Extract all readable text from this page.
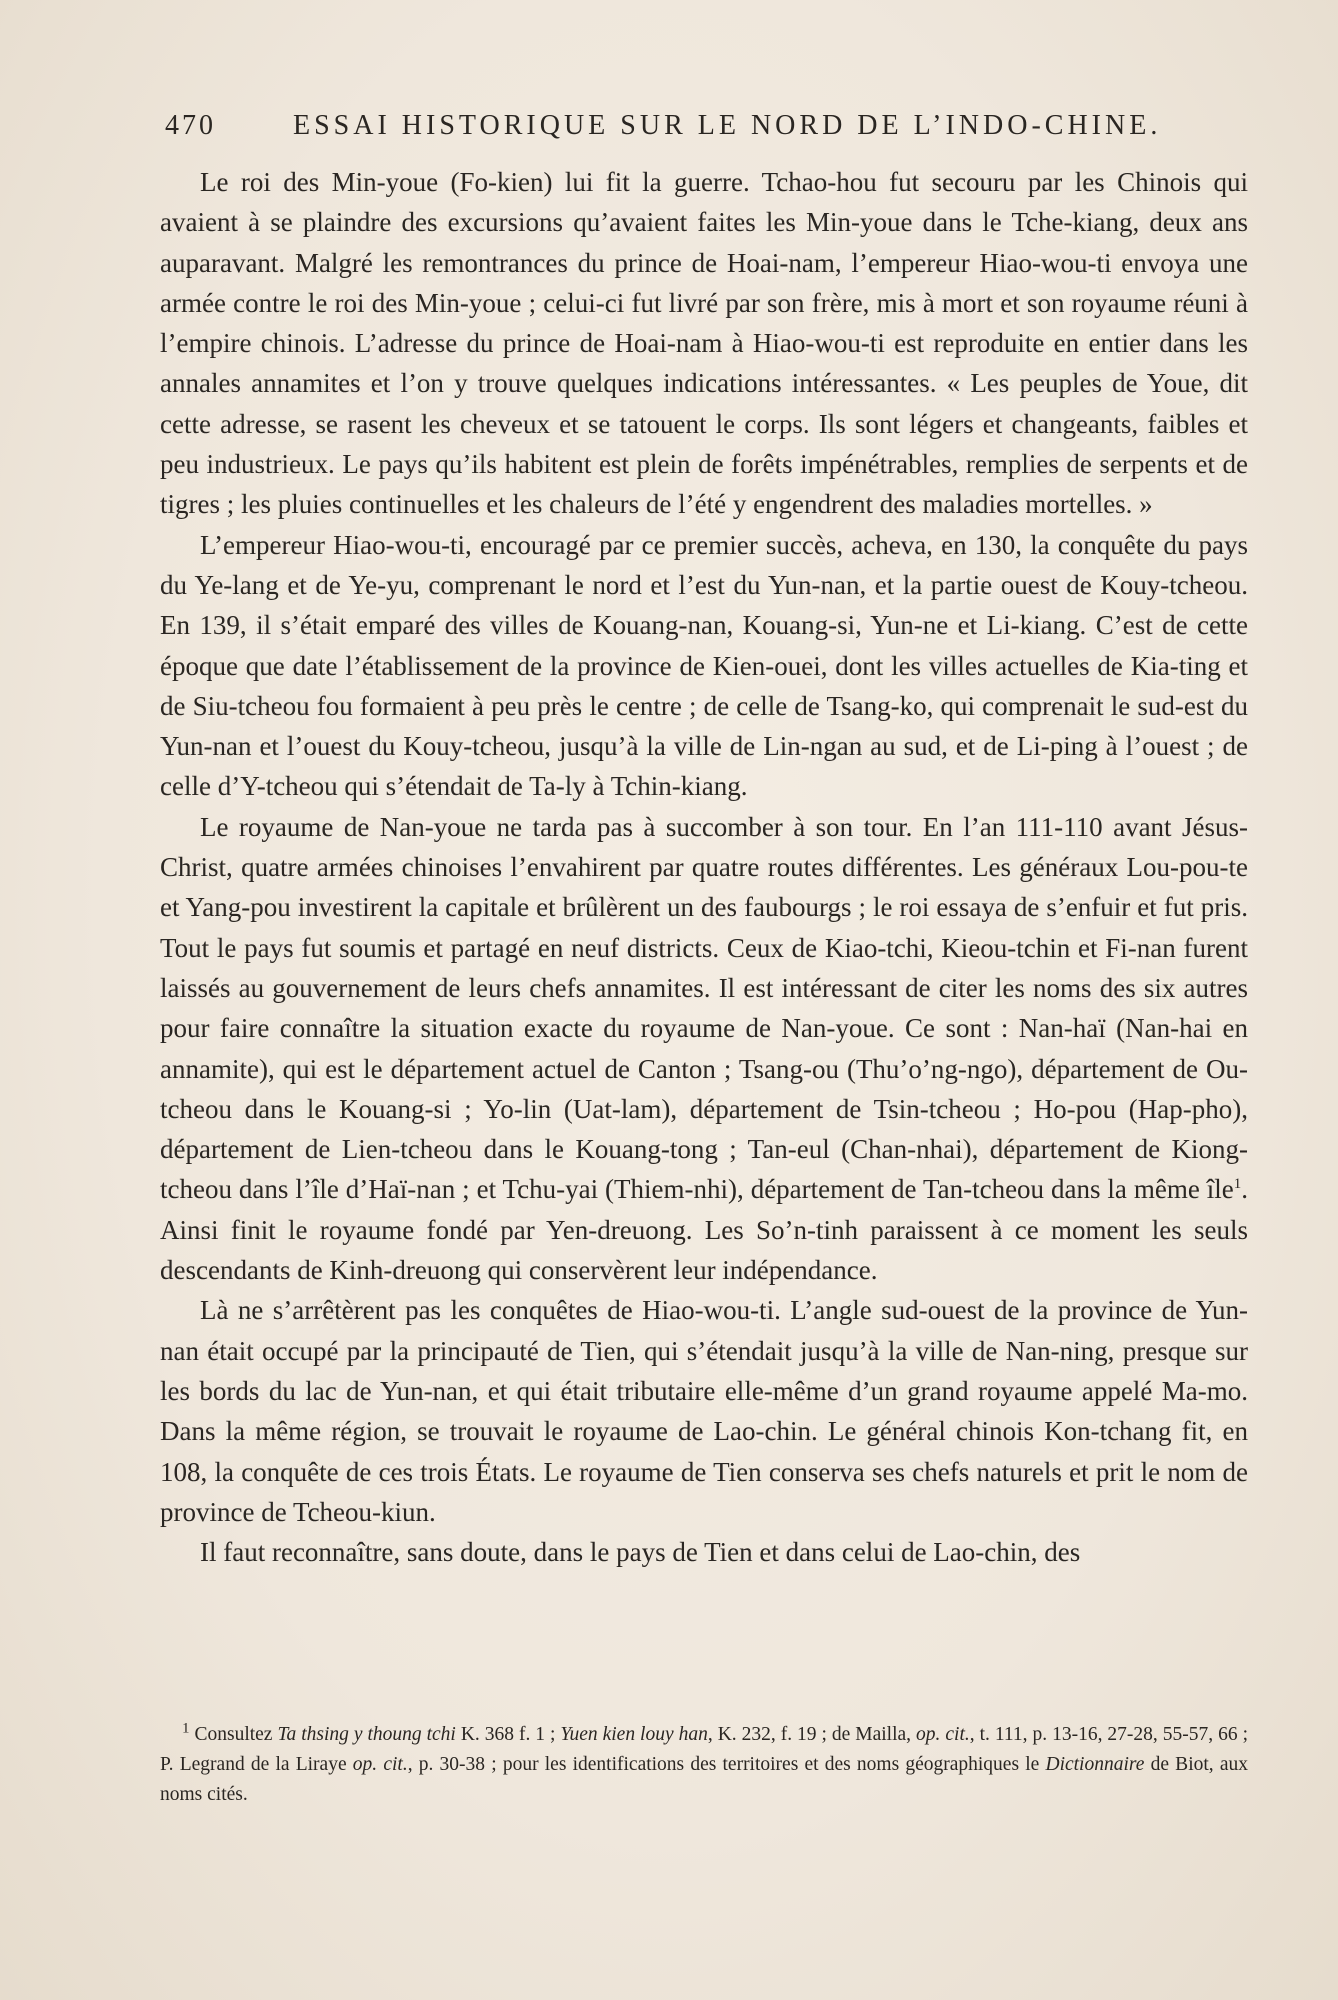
470	ESSAI HISTORIQUE SUR LE NORD DE L’INDO-CHINE.

Le roi des Min-youe (Fo-kien) lui fit la guerre. Tchao-hou fut secouru par les Chinois qui avaient à se plaindre des excursions qu’avaient faites les Min-youe dans le Tche-kiang, deux ans auparavant. Malgré les remontrances du prince de Hoai-nam, l’empereur Hiao-wou-ti envoya une armée contre le roi des Min-youe ; celui-ci fut livré par son frère, mis à mort et son royaume réuni à l’empire chinois. L’adresse du prince de Hoai-nam à Hiao-wou-ti est reproduite en entier dans les annales annamites et l’on y trouve quelques indications intéressantes. « Les peuples de Youe, dit cette adresse, se rasent les cheveux et se tatouent le corps. Ils sont légers et changeants, faibles et peu industrieux. Le pays qu’ils habitent est plein de forêts impénétrables, remplies de serpents et de tigres ; les pluies continuelles et les chaleurs de l’été y engendrent des maladies mortelles. »

L’empereur Hiao-wou-ti, encouragé par ce premier succès, acheva, en 130, la conquête du pays du Ye-lang et de Ye-yu, comprenant le nord et l’est du Yun-nan, et la partie ouest de Kouy-tcheou. En 139, il s’était emparé des villes de Kouang-nan, Kouang-si, Yun-ne et Li-kiang. C’est de cette époque que date l’établissement de la province de Kien-ouei, dont les villes actuelles de Kia-ting et de Siu-tcheou fou formaient à peu près le centre ; de celle de Tsang-ko, qui comprenait le sud-est du Yun-nan et l’ouest du Kouy-tcheou, jusqu’à la ville de Lin-ngan au sud, et de Li-ping à l’ouest ; de celle d’Y-tcheou qui s’étendait de Ta-ly à Tchin-kiang.

Le royaume de Nan-youe ne tarda pas à succomber à son tour. En l’an 111-110 avant Jésus-Christ, quatre armées chinoises l’envahirent par quatre routes différentes. Les généraux Lou-pou-te et Yang-pou investirent la capitale et brûlèrent un des faubourgs ; le roi essaya de s’enfuir et fut pris. Tout le pays fut soumis et partagé en neuf districts. Ceux de Kiao-tchi, Kieou-tchin et Fi-nan furent laissés au gouvernement de leurs chefs annamites. Il est intéressant de citer les noms des six autres pour faire connaître la situation exacte du royaume de Nan-youe. Ce sont : Nan-haï (Nan-hai en annamite), qui est le département actuel de Canton ; Tsang-ou (Thu’o’ng-ngo), département de Ou-tcheou dans le Kouang-si ; Yo-lin (Uat-lam), département de Tsin-tcheou ; Ho-pou (Hap-pho), département de Lien-tcheou dans le Kouang-tong ; Tan-eul (Chan-nhai), département de Kiong-tcheou dans l’île d’Haï-nan ; et Tchu-yai (Thiem-nhi), département de Tan-tcheou dans la même île$^1$. Ainsi finit le royaume fondé par Yen-dreuong. Les So’n-tinh paraissent à ce moment les seuls descendants de Kinh-dreuong qui conservèrent leur indépendance.

Là ne s’arrêtèrent pas les conquêtes de Hiao-wou-ti. L’angle sud-ouest de la province de Yun-nan était occupé par la principauté de Tien, qui s’étendait jusqu’à la ville de Nan-ning, presque sur les bords du lac de Yun-nan, et qui était tributaire elle-même d’un grand royaume appelé Ma-mo. Dans la même région, se trouvait le royaume de Lao-chin. Le général chinois Kon-tchang fit, en 108, la conquête de ces trois États. Le royaume de Tien conserva ses chefs naturels et prit le nom de province de Tcheou-kiun.

Il faut reconnaître, sans doute, dans le pays de Tien et dans celui de Lao-chin, des

$^1$ Consultez Ta thsing y thoung tchi K. 368 f. 1 ; Yuen kien louy han, K. 232, f. 19 ; de Mailla, op. cit., t. 111, p. 13-16, 27-28, 55-57, 66 ; P. Legrand de la Liraye op. cit., p. 30-38 ; pour les identifications des territoires et des noms géographiques le Dictionnaire de Biot, aux noms cités.
